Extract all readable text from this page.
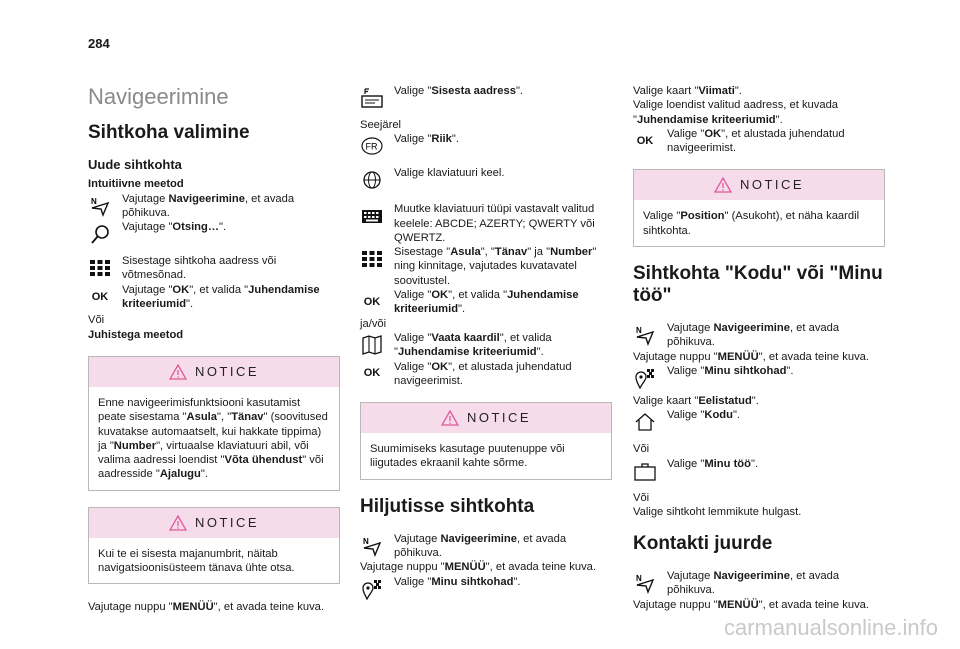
284
Navigeerimine
Sihtkoha valimine
Uude sihtkohta
Intuitiivne meetod
N Vajutage Navigeerimine, et avada põhikuva.
Vajutage "Otsing…".
Sisestage sihtkoha aadress või võtmesõnad.
OK
Vajutage "OK", et valida "Juhendamise kriteeriumid".
Või
Juhistega meetod
NOTICE
Enne navigeerimisfunktsiooni kasutamist peate sisestama "Asula", "Tänav" (soovitused kuvatakse automaatselt, kui hakkate tippima) ja "Number", virtuaalse klaviatuuri abil, või valima aadressi loendist "Võta ühendust" või aadresside "Ajalugu".
NOTICE
Kui te ei sisesta majanumbrit, näitab navigatsioonisüsteem tänava ühte otsa.
Vajutage nuppu "MENÜÜ", et avada teine kuva.
Valige "Sisesta aadress".
Seejärel
FR
Valige "Riik".
Valige klaviatuuri keel.
Muutke klaviatuuri tüüpi vastavalt valitud keelele: ABCDE; AZERTY; QWERTY või QWERTZ.
Sisestage "Asula", "Tänav" ja "Number" ning kinnitage, vajutades kuvatavatel soovitustel.
OK
Valige "OK", et valida "Juhendamise kriteeriumid".
ja/või
Valige "Vaata kaardil", et valida "Juhendamise kriteeriumid".
OK
Valige "OK", et alustada juhendatud navigeerimist.
NOTICE
Suumimiseks kasutage puutenuppe või liigutades ekraanil kahte sõrme.
Hiljutisse sihtkohta
N Vajutage Navigeerimine, et avada põhikuva.
Vajutage nuppu "MENÜÜ", et avada teine kuva.
Valige "Minu sihtkohad".
Valige kaart "Viimati".
Valige loendist valitud aadress, et kuvada "Juhendamise kriteeriumid".
OK
Valige "OK", et alustada juhendatud navigeerimist.
NOTICE
Valige "Position" (Asukoht), et näha kaardil sihtkohta.
Sihtkohta "Kodu" või "Minu töö"
N Vajutage Navigeerimine, et avada põhikuva.
Vajutage nuppu "MENÜÜ", et avada teine kuva.
Valige "Minu sihtkohad".
Valige kaart "Eelistatud".
Valige "Kodu".
Või
Valige "Minu töö".
Või
Valige sihtkoht lemmikute hulgast.
Kontakti juurde
N Vajutage Navigeerimine, et avada põhikuva.
Vajutage nuppu "MENÜÜ", et avada teine kuva.
carmanualsonline.info
